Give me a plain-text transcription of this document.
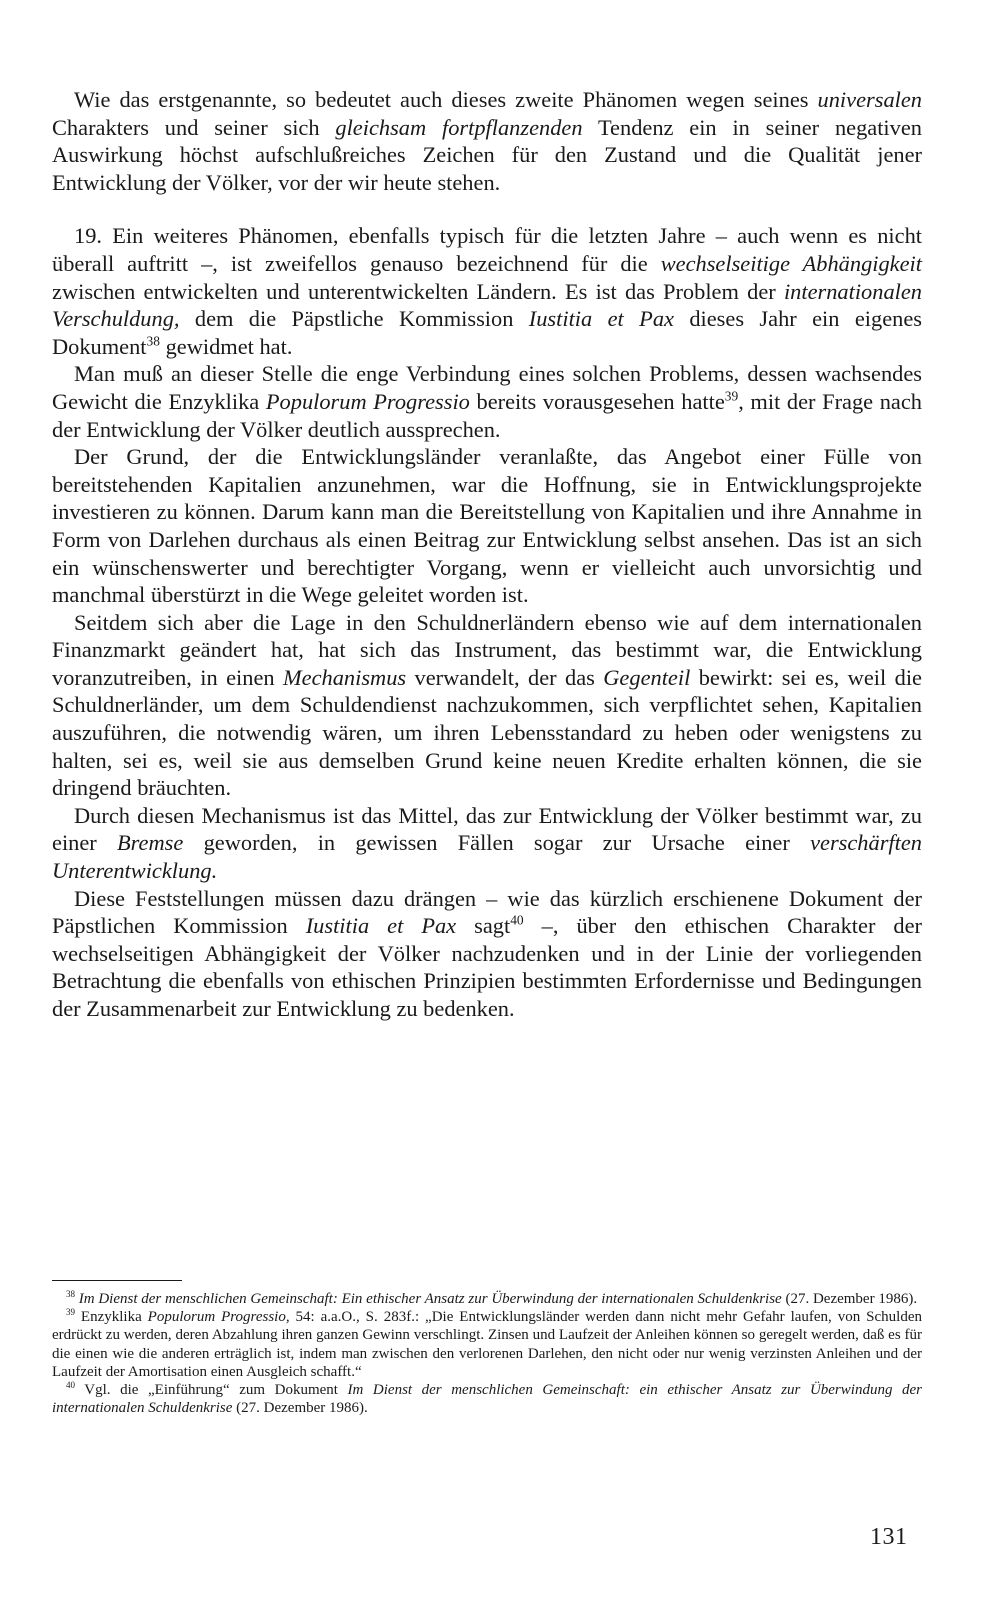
Wie das erstgenannte, so bedeutet auch dieses zweite Phänomen wegen seines universalen Charakters und seiner sich gleichsam fortpflanzenden Tendenz ein in seiner negativen Auswirkung höchst aufschlußreiches Zeichen für den Zustand und die Qualität jener Entwicklung der Völker, vor der wir heute stehen.

19. Ein weiteres Phänomen, ebenfalls typisch für die letzten Jahre – auch wenn es nicht überall auftritt –, ist zweifellos genauso bezeichnend für die wechselseitige Abhängigkeit zwischen entwickelten und unterentwickelten Ländern. Es ist das Problem der internationalen Verschuldung, dem die Päpstliche Kommission Iustitia et Pax dieses Jahr ein eigenes Dokument$^{38}$ gewidmet hat.

Man muß an dieser Stelle die enge Verbindung eines solchen Problems, dessen wachsendes Gewicht die Enzyklika Populorum Progressio bereits vorausgesehen hatte$^{39}$, mit der Frage nach der Entwicklung der Völker deutlich aussprechen.

Der Grund, der die Entwicklungsländer veranlaßte, das Angebot einer Fülle von bereitstehenden Kapitalien anzunehmen, war die Hoffnung, sie in Entwicklungsprojekte investieren zu können. Darum kann man die Bereitstellung von Kapitalien und ihre Annahme in Form von Darlehen durchaus als einen Beitrag zur Entwicklung selbst ansehen. Das ist an sich ein wünschenswerter und berechtigter Vorgang, wenn er vielleicht auch unvorsichtig und manchmal überstürzt in die Wege geleitet worden ist.

Seitdem sich aber die Lage in den Schuldnerländern ebenso wie auf dem internationalen Finanzmarkt geändert hat, hat sich das Instrument, das bestimmt war, die Entwicklung voranzutreiben, in einen Mechanismus verwandelt, der das Gegenteil bewirkt: sei es, weil die Schuldnerländer, um dem Schuldendienst nachzukommen, sich verpflichtet sehen, Kapitalien auszuführen, die notwendig wären, um ihren Lebensstandard zu heben oder wenigstens zu halten, sei es, weil sie aus demselben Grund keine neuen Kredite erhalten können, die sie dringend bräuchten.

Durch diesen Mechanismus ist das Mittel, das zur Entwicklung der Völker bestimmt war, zu einer Bremse geworden, in gewissen Fällen sogar zur Ursache einer verschärften Unterentwicklung.

Diese Feststellungen müssen dazu drängen – wie das kürzlich erschienene Dokument der Päpstlichen Kommission Iustitia et Pax sagt$^{40}$ –, über den ethischen Charakter der wechselseitigen Abhängigkeit der Völker nachzudenken und in der Linie der vorliegenden Betrachtung die ebenfalls von ethischen Prinzipien bestimmten Erfordernisse und Bedingungen der Zusammenarbeit zur Entwicklung zu bedenken.

$^{38}$ Im Dienst der menschlichen Gemeinschaft: Ein ethischer Ansatz zur Überwindung der internationalen Schuldenkrise (27. Dezember 1986).

$^{39}$ Enzyklika Populorum Progressio, 54: a.a.O., S. 283f.: „Die Entwicklungsländer werden dann nicht mehr Gefahr laufen, von Schulden erdrückt zu werden, deren Abzahlung ihren ganzen Gewinn verschlingt. Zinsen und Laufzeit der Anleihen können so geregelt werden, daß es für die einen wie die anderen erträglich ist, indem man zwischen den verlorenen Darlehen, den nicht oder nur wenig verzinsten Anleihen und der Laufzeit der Amortisation einen Ausgleich schafft.“

$^{40}$ Vgl. die „Einführung“ zum Dokument Im Dienst der menschlichen Gemeinschaft: ein ethischer Ansatz zur Überwindung der internationalen Schuldenkrise (27. Dezember 1986).

131
